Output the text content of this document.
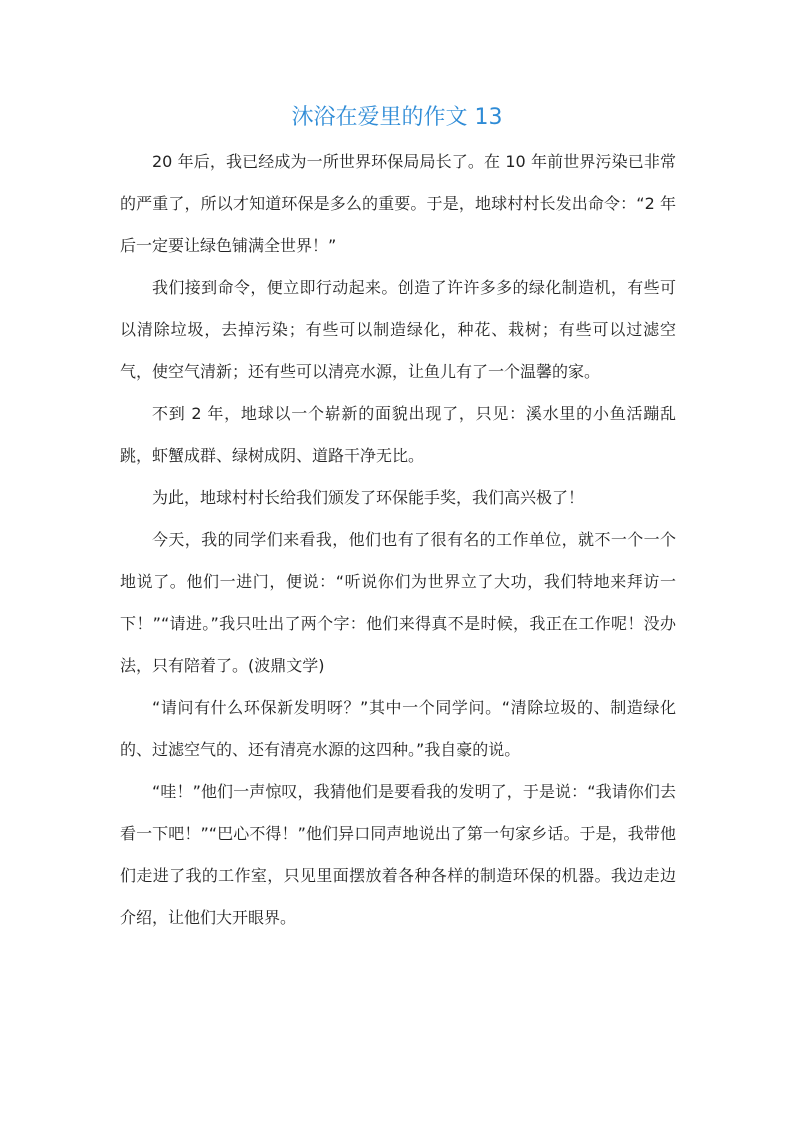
沐浴在爱里的作文 13

20 年后，我已经成为一所世界环保局局长了。在 10 年前世界污染已非常的严重了，所以才知道环保是多么的重要。于是，地球村村长发出命令：“2 年后一定要让绿色铺满全世界！”

我们接到命令，便立即行动起来。创造了许许多多的绿化制造机，有些可以清除垃圾，去掉污染；有些可以制造绿化，种花、栽树；有些可以过滤空气，使空气清新；还有些可以清亮水源，让鱼儿有了一个温馨的家。

不到 2 年，地球以一个崭新的面貌出现了，只见：溪水里的小鱼活蹦乱跳，虾蟹成群、绿树成阴、道路干净无比。

为此，地球村村长给我们颁发了环保能手奖，我们高兴极了！

今天，我的同学们来看我，他们也有了很有名的工作单位，就不一个一个地说了。他们一进门，便说：“听说你们为世界立了大功，我们特地来拜访一下！”“请进。”我只吐出了两个字：他们来得真不是时候，我正在工作呢！没办法，只有陪着了。(波鼎文学)

“请问有什么环保新发明呀？”其中一个同学问。“清除垃圾的、制造绿化的、过滤空气的、还有清亮水源的这四种。”我自豪的说。

“哇！”他们一声惊叹，我猜他们是要看我的发明了，于是说：“我请你们去看一下吧！”“巴心不得！”他们异口同声地说出了第一句家乡话。于是，我带他们走进了我的工作室，只见里面摆放着各种各样的制造环保的机器。我边走边介绍，让他们大开眼界。
